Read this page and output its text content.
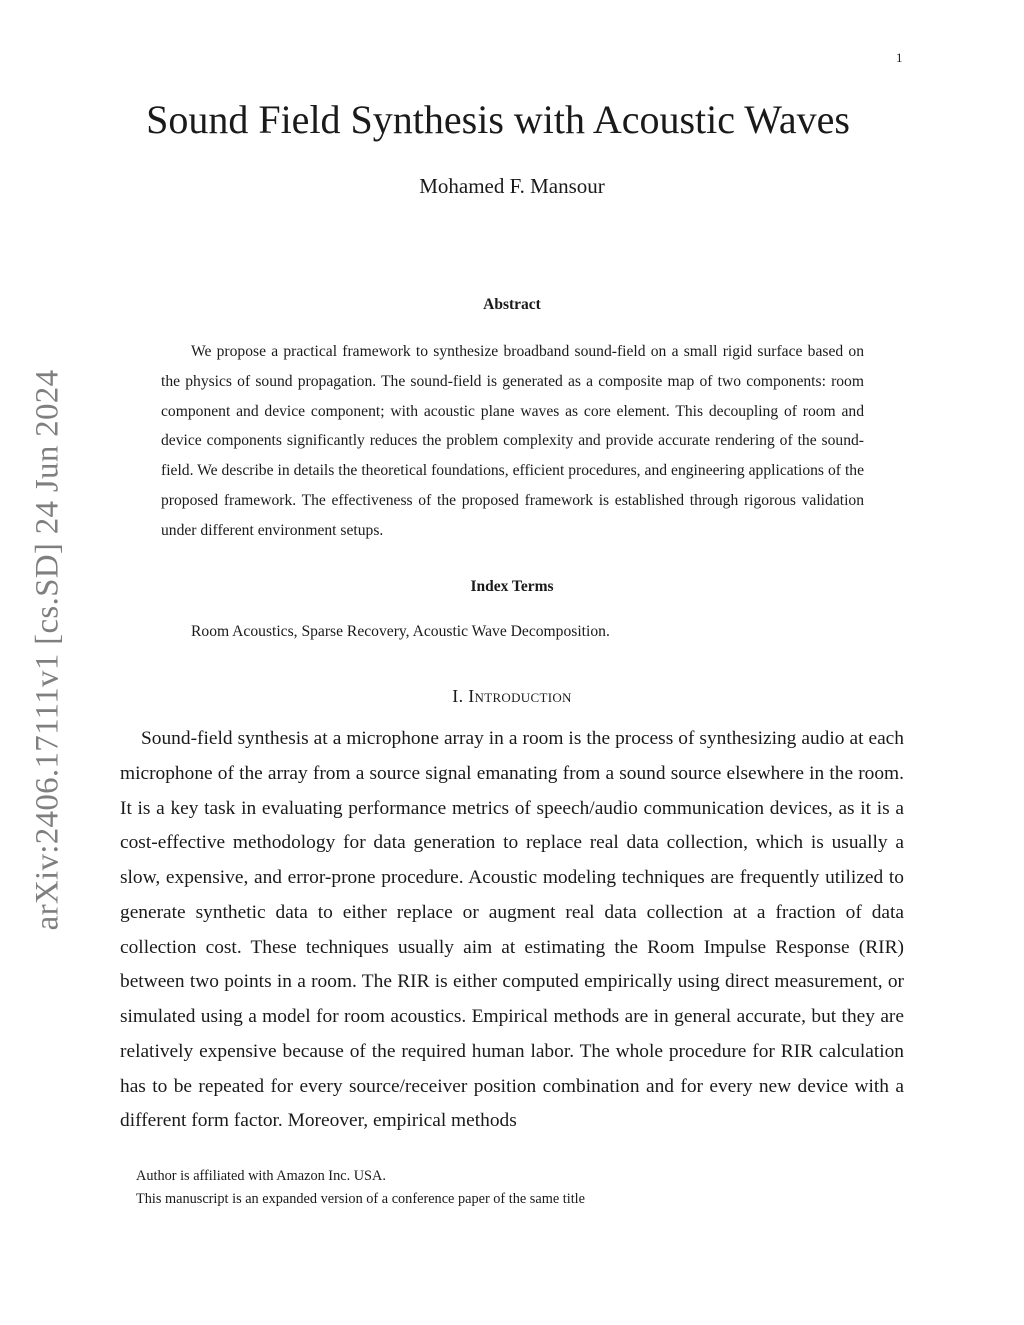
1
arXiv:2406.17111v1 [cs.SD] 24 Jun 2024
Sound Field Synthesis with Acoustic Waves
Mohamed F. Mansour
Abstract

We propose a practical framework to synthesize broadband sound-field on a small rigid surface based on the physics of sound propagation. The sound-field is generated as a composite map of two components: room component and device component; with acoustic plane waves as core element. This decoupling of room and device components significantly reduces the problem complexity and provide accurate rendering of the sound-field. We describe in details the theoretical foundations, efficient procedures, and engineering applications of the proposed framework. The effectiveness of the proposed framework is established through rigorous validation under different environment setups.

Index Terms
Room Acoustics, Sparse Recovery, Acoustic Wave Decomposition.
I. Introduction

Sound-field synthesis at a microphone array in a room is the process of synthesizing audio at each microphone of the array from a source signal emanating from a sound source elsewhere in the room. It is a key task in evaluating performance metrics of speech/audio communication devices, as it is a cost-effective methodology for data generation to replace real data collection, which is usually a slow, expensive, and error-prone procedure. Acoustic modeling techniques are frequently utilized to generate synthetic data to either replace or augment real data collection at a fraction of data collection cost. These techniques usually aim at estimating the Room Impulse Response (RIR) between two points in a room. The RIR is either computed empirically using direct measurement, or simulated using a model for room acoustics. Empirical methods are in general accurate, but they are relatively expensive because of the required human labor. The whole procedure for RIR calculation has to be repeated for every source/receiver position combination and for every new device with a different form factor. Moreover, empirical methods

Author is affiliated with Amazon Inc. USA.
This manuscript is an expanded version of a conference paper of the same title
